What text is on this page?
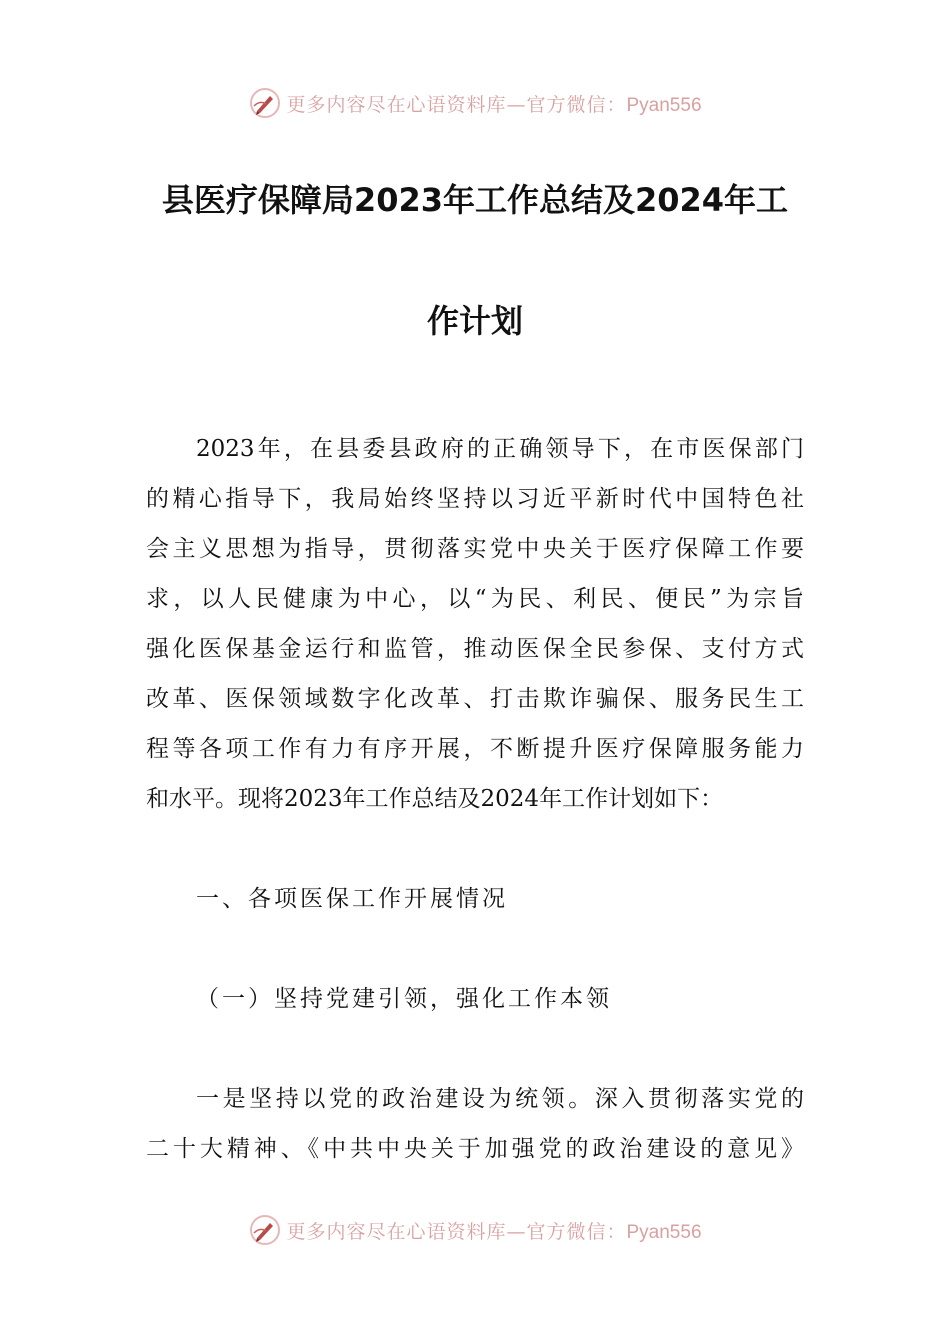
更多内容尽在心语资料库—官方微信：Pyan556
县医疗保障局2023年工作总结及2024年工
作计划
2023年，在县委县政府的正确领导下，在市医保部门
的精心指导下，我局始终坚持以习近平新时代中国特色社
会主义思想为指导，贯彻落实党中央关于医疗保障工作要
求，以人民健康为中心，以“为民、利民、便民”为宗旨
强化医保基金运行和监管，推动医保全民参保、支付方式
改革、医保领域数字化改革、打击欺诈骗保、服务民生工
程等各项工作有力有序开展，不断提升医疗保障服务能力
和水平。现将2023年工作总结及2024年工作计划如下：
一、各项医保工作开展情况
（一）坚持党建引领，强化工作本领
一是坚持以党的政治建设为统领。深入贯彻落实党的
二十大精神、《中共中央关于加强党的政治建设的意见》
更多内容尽在心语资料库—官方微信：Pyan556
